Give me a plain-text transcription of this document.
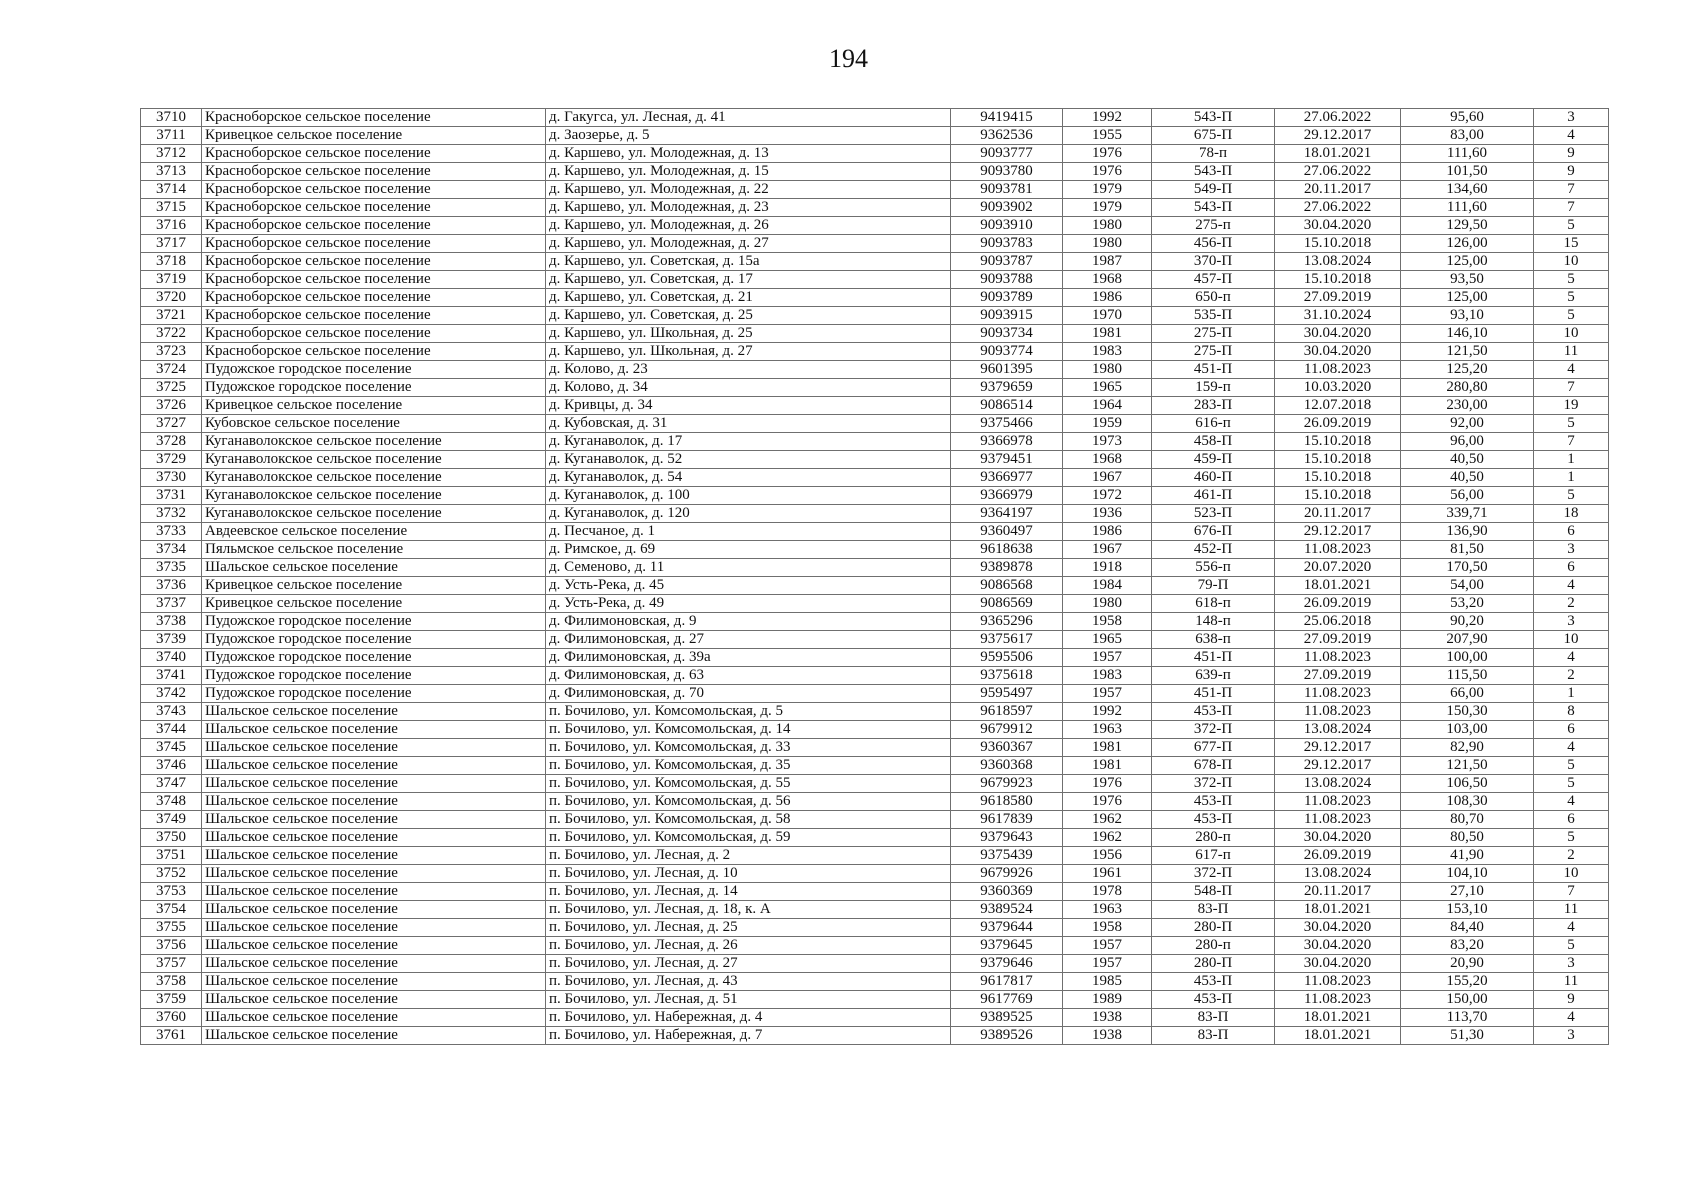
194
3710	Красноборское сельское поселение	д. Гакугса, ул. Лесная, д. 41	9419415	1992	543-П	27.06.2022	95,60	3
3711	Кривецкое сельское поселение	д. Заозерье, д. 5	9362536	1955	675-П	29.12.2017	83,00	4
3712	Красноборское сельское поселение	д. Каршево, ул. Молодежная, д. 13	9093777	1976	78-п	18.01.2021	111,60	9
3713	Красноборское сельское поселение	д. Каршево, ул. Молодежная, д. 15	9093780	1976	543-П	27.06.2022	101,50	9
3714	Красноборское сельское поселение	д. Каршево, ул. Молодежная, д. 22	9093781	1979	549-П	20.11.2017	134,60	7
3715	Красноборское сельское поселение	д. Каршево, ул. Молодежная, д. 23	9093902	1979	543-П	27.06.2022	111,60	7
3716	Красноборское сельское поселение	д. Каршево, ул. Молодежная, д. 26	9093910	1980	275-п	30.04.2020	129,50	5
3717	Красноборское сельское поселение	д. Каршево, ул. Молодежная, д. 27	9093783	1980	456-П	15.10.2018	126,00	15
3718	Красноборское сельское поселение	д. Каршево, ул. Советская, д. 15а	9093787	1987	370-П	13.08.2024	125,00	10
3719	Красноборское сельское поселение	д. Каршево, ул. Советская, д. 17	9093788	1968	457-П	15.10.2018	93,50	5
3720	Красноборское сельское поселение	д. Каршево, ул. Советская, д. 21	9093789	1986	650-п	27.09.2019	125,00	5
3721	Красноборское сельское поселение	д. Каршево, ул. Советская, д. 25	9093915	1970	535-П	31.10.2024	93,10	5
3722	Красноборское сельское поселение	д. Каршево, ул. Школьная, д. 25	9093734	1981	275-П	30.04.2020	146,10	10
3723	Красноборское сельское поселение	д. Каршево, ул. Школьная, д. 27	9093774	1983	275-П	30.04.2020	121,50	11
3724	Пудожское городское поселение	д. Колово, д. 23	9601395	1980	451-П	11.08.2023	125,20	4
3725	Пудожское городское поселение	д. Колово, д. 34	9379659	1965	159-п	10.03.2020	280,80	7
3726	Кривецкое сельское поселение	д. Кривцы, д. 34	9086514	1964	283-П	12.07.2018	230,00	19
3727	Кубовское сельское поселение	д. Кубовская, д. 31	9375466	1959	616-п	26.09.2019	92,00	5
3728	Куганаволокское сельское поселение	д. Куганаволок, д. 17	9366978	1973	458-П	15.10.2018	96,00	7
3729	Куганаволокское сельское поселение	д. Куганаволок, д. 52	9379451	1968	459-П	15.10.2018	40,50	1
3730	Куганаволокское сельское поселение	д. Куганаволок, д. 54	9366977	1967	460-П	15.10.2018	40,50	1
3731	Куганаволокское сельское поселение	д. Куганаволок, д. 100	9366979	1972	461-П	15.10.2018	56,00	5
3732	Куганаволокское сельское поселение	д. Куганаволок, д. 120	9364197	1936	523-П	20.11.2017	339,71	18
3733	Авдеевское сельское поселение	д. Песчаное, д. 1	9360497	1986	676-П	29.12.2017	136,90	6
3734	Пяльмское сельское поселение	д. Римское, д. 69	9618638	1967	452-П	11.08.2023	81,50	3
3735	Шальское сельское поселение	д. Семеново, д. 11	9389878	1918	556-п	20.07.2020	170,50	6
3736	Кривецкое сельское поселение	д. Усть-Река, д. 45	9086568	1984	79-П	18.01.2021	54,00	4
3737	Кривецкое сельское поселение	д. Усть-Река, д. 49	9086569	1980	618-п	26.09.2019	53,20	2
3738	Пудожское городское поселение	д. Филимоновская, д. 9	9365296	1958	148-п	25.06.2018	90,20	3
3739	Пудожское городское поселение	д. Филимоновская, д. 27	9375617	1965	638-п	27.09.2019	207,90	10
3740	Пудожское городское поселение	д. Филимоновская, д. 39а	9595506	1957	451-П	11.08.2023	100,00	4
3741	Пудожское городское поселение	д. Филимоновская, д. 63	9375618	1983	639-п	27.09.2019	115,50	2
3742	Пудожское городское поселение	д. Филимоновская, д. 70	9595497	1957	451-П	11.08.2023	66,00	1
3743	Шальское сельское поселение	п. Бочилово, ул. Комсомольская, д. 5	9618597	1992	453-П	11.08.2023	150,30	8
3744	Шальское сельское поселение	п. Бочилово, ул. Комсомольская, д. 14	9679912	1963	372-П	13.08.2024	103,00	6
3745	Шальское сельское поселение	п. Бочилово, ул. Комсомольская, д. 33	9360367	1981	677-П	29.12.2017	82,90	4
3746	Шальское сельское поселение	п. Бочилово, ул. Комсомольская, д. 35	9360368	1981	678-П	29.12.2017	121,50	5
3747	Шальское сельское поселение	п. Бочилово, ул. Комсомольская, д. 55	9679923	1976	372-П	13.08.2024	106,50	5
3748	Шальское сельское поселение	п. Бочилово, ул. Комсомольская, д. 56	9618580	1976	453-П	11.08.2023	108,30	4
3749	Шальское сельское поселение	п. Бочилово, ул. Комсомольская, д. 58	9617839	1962	453-П	11.08.2023	80,70	6
3750	Шальское сельское поселение	п. Бочилово, ул. Комсомольская, д. 59	9379643	1962	280-п	30.04.2020	80,50	5
3751	Шальское сельское поселение	п. Бочилово, ул. Лесная, д. 2	9375439	1956	617-п	26.09.2019	41,90	2
3752	Шальское сельское поселение	п. Бочилово, ул. Лесная, д. 10	9679926	1961	372-П	13.08.2024	104,10	10
3753	Шальское сельское поселение	п. Бочилово, ул. Лесная, д. 14	9360369	1978	548-П	20.11.2017	27,10	7
3754	Шальское сельское поселение	п. Бочилово, ул. Лесная, д. 18, к. А	9389524	1963	83-П	18.01.2021	153,10	11
3755	Шальское сельское поселение	п. Бочилово, ул. Лесная, д. 25	9379644	1958	280-П	30.04.2020	84,40	4
3756	Шальское сельское поселение	п. Бочилово, ул. Лесная, д. 26	9379645	1957	280-п	30.04.2020	83,20	5
3757	Шальское сельское поселение	п. Бочилово, ул. Лесная, д. 27	9379646	1957	280-П	30.04.2020	20,90	3
3758	Шальское сельское поселение	п. Бочилово, ул. Лесная, д. 43	9617817	1985	453-П	11.08.2023	155,20	11
3759	Шальское сельское поселение	п. Бочилово, ул. Лесная, д. 51	9617769	1989	453-П	11.08.2023	150,00	9
3760	Шальское сельское поселение	п. Бочилово, ул. Набережная, д. 4	9389525	1938	83-П	18.01.2021	113,70	4
3761	Шальское сельское поселение	п. Бочилово, ул. Набережная, д. 7	9389526	1938	83-П	18.01.2021	51,30	3
